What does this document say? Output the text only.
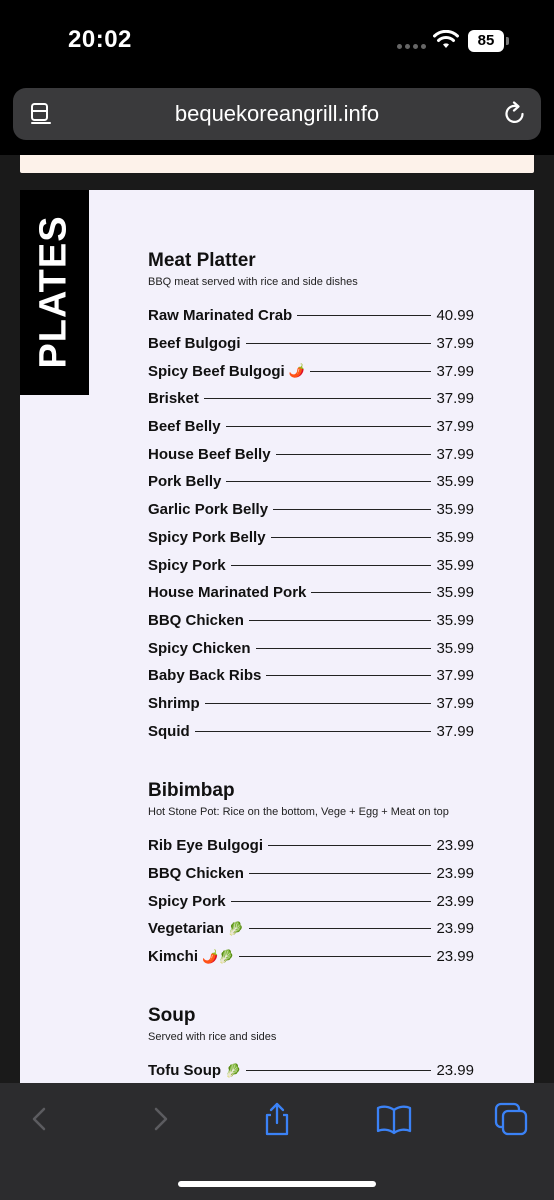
20:02	85
bequekoreangrill.info
PLATES	Meat Platter
BBQ meat served with rice and side dishes
Raw Marinated Crab	40.99
Beef Bulgogi	37.99
Spicy Beef Bulgogi 🌶️	37.99
Brisket	37.99
Beef Belly	37.99
House Beef Belly	37.99
Pork Belly	35.99
Garlic Pork Belly	35.99
Spicy Pork Belly	35.99
Spicy Pork	35.99
House Marinated Pork	35.99
BBQ Chicken	35.99
Spicy Chicken	35.99
Baby Back Ribs	37.99
Shrimp	37.99
Squid	37.99
Bibimbap
Hot Stone Pot: Rice on the bottom, Vege + Egg + Meat on top
Rib Eye Bulgogi	23.99
BBQ Chicken	23.99
Spicy Pork	23.99
Vegetarian 🥬	23.99
Kimchi 🌶️🥬	23.99
Soup
Served with rice and sides
Tofu Soup 🥬	23.99
